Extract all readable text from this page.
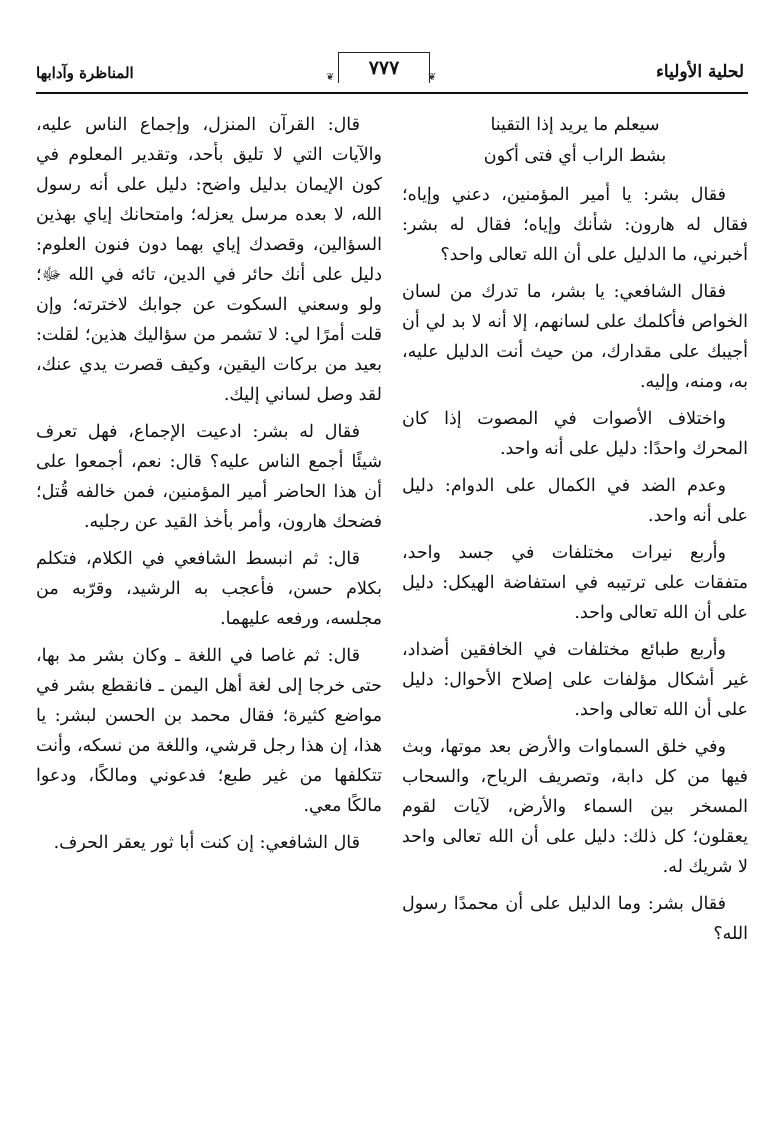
لحلية الأولياء
❦	٧٧٧	❦
المناظرة وآدابها
سيعلم ما يريد إذا التقينا
بشط الراب أي فتى أكون

فقال بشر: يا أمير المؤمنين، دعني وإياه؛ فقال له هارون: شأنك وإياه؛ فقال له بشر: أخبرني، ما الدليل على أن الله تعالى واحد؟

فقال الشافعي: يا بشر، ما تدرك من لسان الخواص فأكلمك على لسانهم، إلا أنه لا بد لي أن أجيبك على مقدارك، من حيث أنت الدليل عليه، به، ومنه، وإليه.

واختلاف الأصوات في المصوت إذا كان المحرك واحدًا: دليل على أنه واحد.

وعدم الضد في الكمال على الدوام: دليل على أنه واحد.

وأربع نيرات مختلفات في جسد واحد، متفقات على ترتيبه في استفاضة الهيكل: دليل على أن الله تعالى واحد.

وأربع طبائع مختلفات في الخافقين أضداد، غير أشكال مؤلفات على إصلاح الأحوال: دليل على أن الله تعالى واحد.

وفي خلق السماوات والأرض بعد موتها، وبث فيها من كل دابة، وتصريف الرياح، والسحاب المسخر بين السماء والأرض، لآيات لقوم يعقلون؛ كل ذلك: دليل على أن الله تعالى واحد لا شريك له.

فقال بشر: وما الدليل على أن محمدًا رسول الله؟

قال: القرآن المنزل، وإجماع الناس عليه، والآيات التي لا تليق بأحد، وتقدير المعلوم في كون الإيمان بدليل واضح: دليل على أنه رسول الله، لا بعده مرسل يعزله؛ وامتحانك إياي بهذين السؤالين، وقصدك إياي بهما دون فنون العلوم: دليل على أنك حائر في الدين، تائه في الله ﷻ؛ ولو وسعني السكوت عن جوابك لاخترته؛ وإن قلت أمرًا لي: لا تشمر من سؤاليك هذين؛ لقلت: بعيد من بركات اليقين، وكيف قصرت يدي عنك، لقد وصل لساني إليك.

فقال له بشر: ادعيت الإجماع، فهل تعرف شيئًا أجمع الناس عليه؟ قال: نعم، أجمعوا على أن هذا الحاضر أمير المؤمنين، فمن خالفه قُتل؛ فضحك هارون، وأمر بأخذ القيد عن رجليه.

قال: ثم انبسط الشافعي في الكلام، فتكلم بكلام حسن، فأعجب به الرشيد، وقرّبه من مجلسه، ورفعه عليهما.

قال: ثم غاصا في اللغة ـ وكان بشر مد بها، حتى خرجا إلى لغة أهل اليمن ـ فانقطع بشر في مواضع كثيرة؛ فقال محمد بن الحسن لبشر: يا هذا، إن هذا رجل قرشي، واللغة من نسكه، وأنت تتكلفها من غير طبع؛ فدعوني ومالكًا، ودعوا مالكًا معي.

قال الشافعي: إن كنت أبا ثور يعقر الحرف.
